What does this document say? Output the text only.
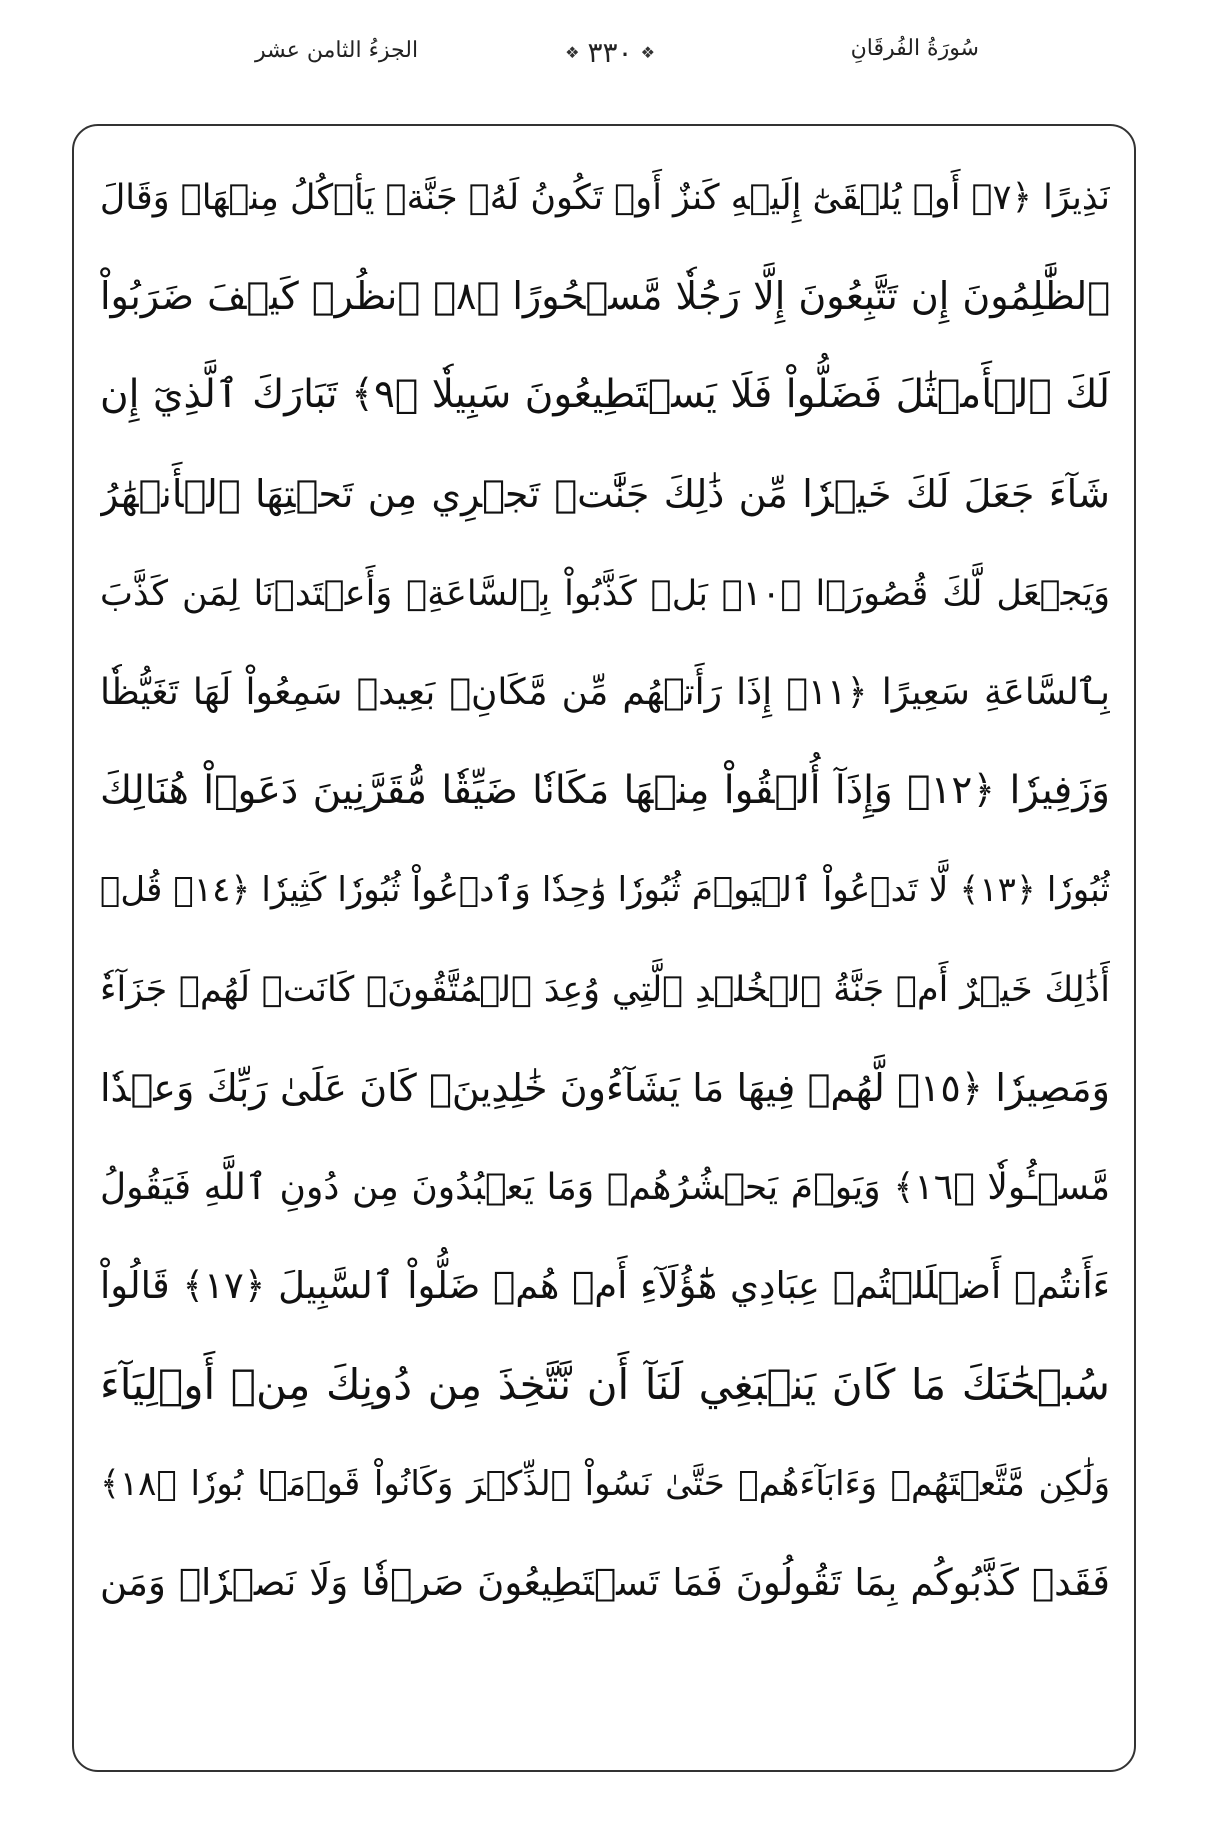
الجزءُ الثامن عشر	❖ ٣٣٠ ❖	سُورَةُ الفُرقَانِ
نَذِيرًا ﴿٧﴾ أَوۡ يُلۡقَىٰٓ إِلَيۡهِ كَنزٌ أَوۡ تَكُونُ لَهُۥ جَنَّةٞ يَأۡكُلُ مِنۡهَاۚ وَقَالَ
ٱلظَّٰلِمُونَ إِن تَتَّبِعُونَ إِلَّا رَجُلٗا مَّسۡحُورًا ﴿٨﴾ ٱنظُرۡ كَيۡفَ ضَرَبُواْ
لَكَ ٱلۡأَمۡثَٰلَ فَضَلُّواْ فَلَا يَسۡتَطِيعُونَ سَبِيلٗا ﴿٩﴾ تَبَارَكَ ٱلَّذِيٓ إِن
شَآءَ جَعَلَ لَكَ خَيۡرٗا مِّن ذَٰلِكَ جَنَّٰتٖ تَجۡرِي مِن تَحۡتِهَا ٱلۡأَنۡهَٰرُ
وَيَجۡعَل لَّكَ قُصُورَۢا ﴿١٠﴾ بَلۡ كَذَّبُواْ بِٱلسَّاعَةِۖ وَأَعۡتَدۡنَا لِمَن كَذَّبَ
بِٱلسَّاعَةِ سَعِيرًا ﴿١١﴾ إِذَا رَأَتۡهُم مِّن مَّكَانِۢ بَعِيدٖ سَمِعُواْ لَهَا تَغَيُّظٗا
وَزَفِيرٗا ﴿١٢﴾ وَإِذَآ أُلۡقُواْ مِنۡهَا مَكَانٗا ضَيِّقٗا مُّقَرَّنِينَ دَعَوۡاْ هُنَالِكَ
ثُبُورٗا ﴿١٣﴾ لَّا تَدۡعُواْ ٱلۡيَوۡمَ ثُبُورٗا وَٰحِدٗا وَٱدۡعُواْ ثُبُورٗا كَثِيرٗا ﴿١٤﴾ قُلۡ
أَذَٰلِكَ خَيۡرٌ أَمۡ جَنَّةُ ٱلۡخُلۡدِ ٱلَّتِي وُعِدَ ٱلۡمُتَّقُونَۚ كَانَتۡ لَهُمۡ جَزَآءٗ
وَمَصِيرٗا ﴿١٥﴾ لَّهُمۡ فِيهَا مَا يَشَآءُونَ خَٰلِدِينَۚ كَانَ عَلَىٰ رَبِّكَ وَعۡدٗا
مَّسۡـُٔولٗا ﴿١٦﴾ وَيَوۡمَ يَحۡشُرُهُمۡ وَمَا يَعۡبُدُونَ مِن دُونِ ٱللَّهِ فَيَقُولُ
ءَأَنتُمۡ أَضۡلَلۡتُمۡ عِبَادِي هَٰٓؤُلَآءِ أَمۡ هُمۡ ضَلُّواْ ٱلسَّبِيلَ ﴿١٧﴾ قَالُواْ
سُبۡحَٰنَكَ مَا كَانَ يَنۢبَغِي لَنَآ أَن نَّتَّخِذَ مِن دُونِكَ مِنۡ أَوۡلِيَآءَ
وَلَٰكِن مَّتَّعۡتَهُمۡ وَءَابَآءَهُمۡ حَتَّىٰ نَسُواْ ٱلذِّكۡرَ وَكَانُواْ قَوۡمَۢا بُورٗا ﴿١٨﴾
فَقَدۡ كَذَّبُوكُم بِمَا تَقُولُونَ فَمَا تَسۡتَطِيعُونَ صَرۡفٗا وَلَا نَصۡرٗاۚ وَمَن
